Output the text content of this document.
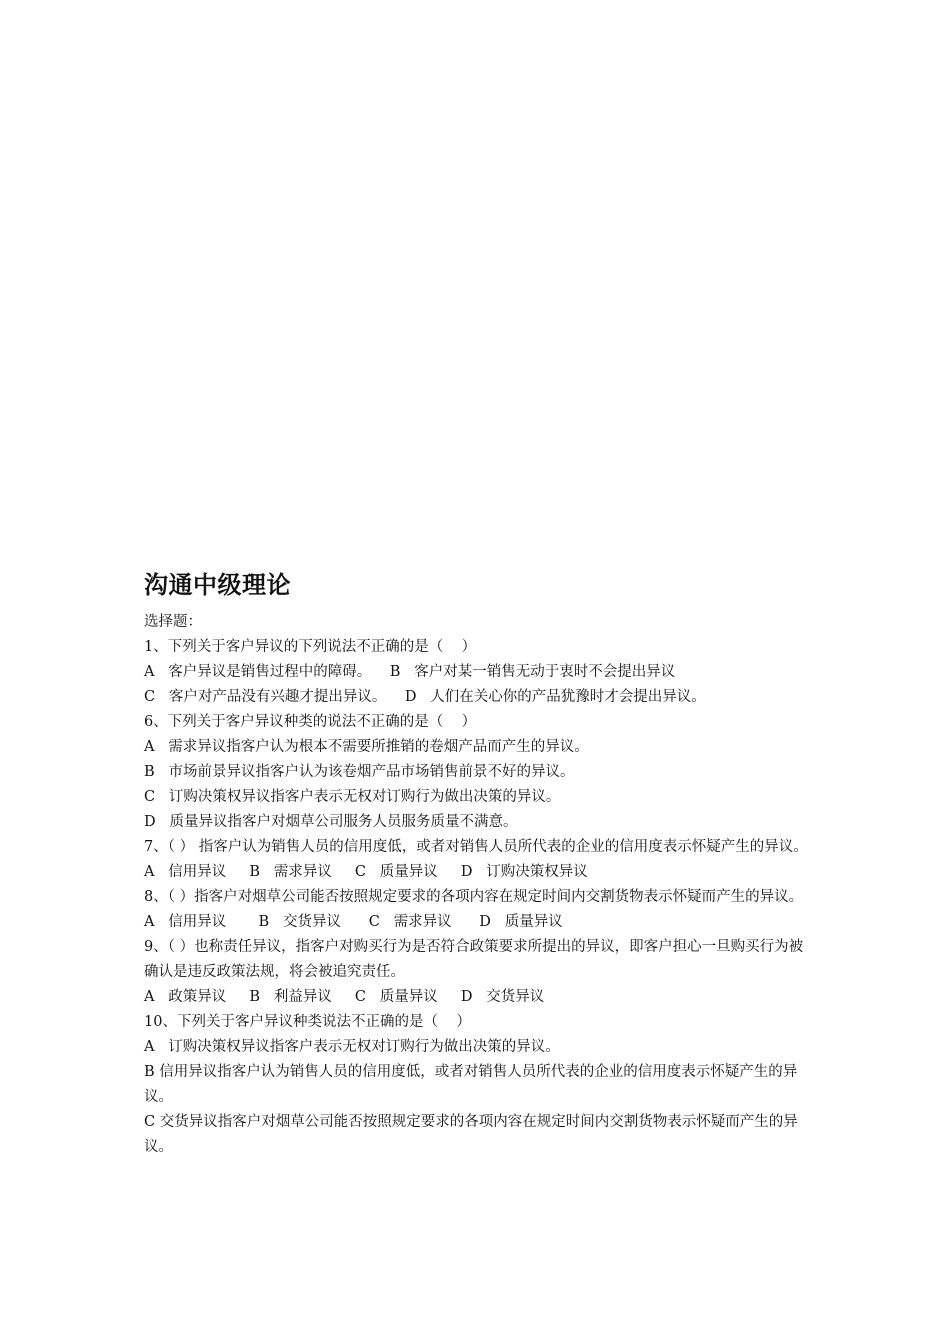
沟通中级理论

选择题：

1、下列关于客户异议的下列说法不正确的是（    ）

A   客户异议是销售过程中的障碍。    B   客户对某一销售无动于衷时不会提出异议

C   客户对产品没有兴趣才提出异议。    D   人们在关心你的产品犹豫时才会提出异议。

6、下列关于客户异议种类的说法不正确的是（    ）

A   需求异议指客户认为根本不需要所推销的卷烟产品而产生的异议。

B   市场前景异议指客户认为该卷烟产品市场销售前景不好的异议。

C   订购决策权异议指客户表示无权对订购行为做出决策的异议。

D   质量异议指客户对烟草公司服务人员服务质量不满意。

7、（ ） 指客户认为销售人员的信用度低，或者对销售人员所代表的企业的信用度表示怀疑产生的异议。

A   信用异议     B   需求异议     C   质量异议     D   订购决策权异议

8、（ ）指客户对烟草公司能否按照规定要求的各项内容在规定时间内交割货物表示怀疑而产生的异议。

A   信用异议       B   交货异议      C   需求异议      D   质量异议

9、（ ）也称责任异议，指客户对购买行为是否符合政策要求所提出的异议，即客户担心一旦购买行为被确认是违反政策法规，将会被追究责任。

A   政策异议     B   利益异议     C   质量异议     D   交货异议

10、下列关于客户异议种类说法不正确的是（    ）

A   订购决策权异议指客户表示无权对订购行为做出决策的异议。

B 信用异议指客户认为销售人员的信用度低，或者对销售人员所代表的企业的信用度表示怀疑产生的异议。

C 交货异议指客户对烟草公司能否按照规定要求的各项内容在规定时间内交割货物表示怀疑而产生的异议。
